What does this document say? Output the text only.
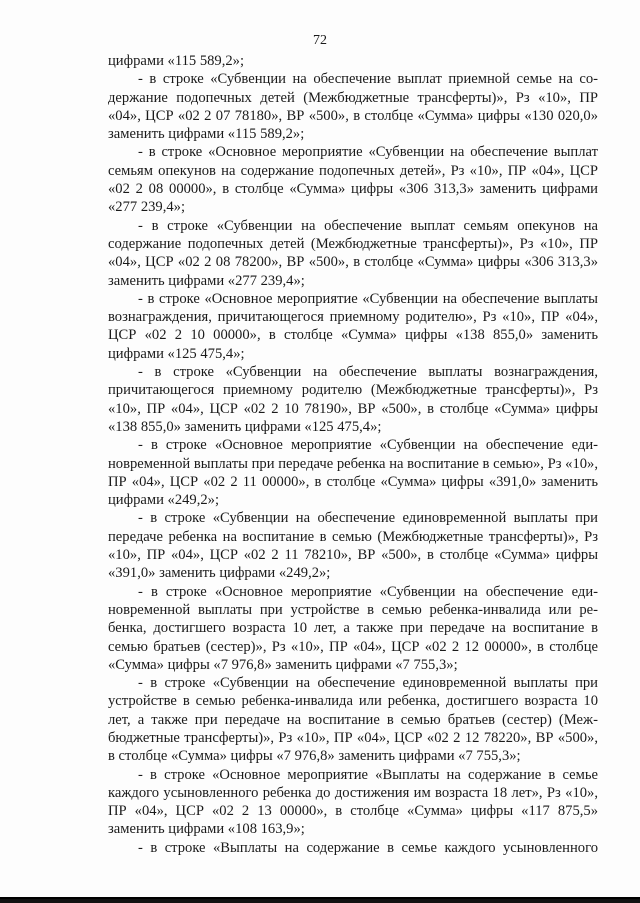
72

цифрами «115 589,2»;

- в строке «Субвенции на обеспечение выплат приемной семье на содержание подопечных детей (Межбюджетные трансферты)», Рз «10», ПР «04», ЦСР «02 2 07 78180», ВР «500», в столбце «Сумма» цифры «130 020,0» заменить цифрами «115 589,2»;

- в строке «Основное мероприятие «Субвенции на обеспечение выплат семьям опекунов на содержание подопечных детей», Рз «10», ПР «04», ЦСР «02 2 08 00000», в столбце «Сумма» цифры «306 313,3» заменить цифрами «277 239,4»;

- в строке «Субвенции на обеспечение выплат семьям опекунов на содержание подопечных детей (Межбюджетные трансферты)», Рз «10», ПР «04», ЦСР «02 2 08 78200», ВР «500», в столбце «Сумма» цифры «306 313,3» заменить цифрами «277 239,4»;

- в строке «Основное мероприятие «Субвенции на обеспечение выплаты вознаграждения, причитающегося приемному родителю», Рз «10», ПР «04», ЦСР «02 2 10 00000», в столбце «Сумма» цифры «138 855,0» заменить цифрами «125 475,4»;

- в строке «Субвенции на обеспечение выплаты вознаграждения, причитающегося приемному родителю (Межбюджетные трансферты)», Рз «10», ПР «04», ЦСР «02 2 10 78190», ВР «500», в столбце «Сумма» цифры «138 855,0» заменить цифрами «125 475,4»;

- в строке «Основное мероприятие «Субвенции на обеспечение единовременной выплаты при передаче ребенка на воспитание в семью», Рз «10», ПР «04», ЦСР «02 2 11 00000», в столбце «Сумма» цифры «391,0» заменить цифрами «249,2»;

- в строке «Субвенции на обеспечение единовременной выплаты при передаче ребенка на воспитание в семью (Межбюджетные трансферты)», Рз «10», ПР «04», ЦСР «02 2 11 78210», ВР «500», в столбце «Сумма» цифры «391,0» заменить цифрами «249,2»;

- в строке «Основное мероприятие «Субвенции на обеспечение единовременной выплаты при устройстве в семью ребенка-инвалида или ребенка, достигшего возраста 10 лет, а также при передаче на воспитание в семью братьев (сестер)», Рз «10», ПР «04», ЦСР «02 2 12 00000», в столбце «Сумма» цифры «7 976,8» заменить цифрами «7 755,3»;

- в строке «Субвенции на обеспечение единовременной выплаты при устройстве в семью ребенка-инвалида или ребенка, достигшего возраста 10 лет, а также при передаче на воспитание в семью братьев (сестер) (Межбюджетные трансферты)», Рз «10», ПР «04», ЦСР «02 2 12 78220», ВР «500», в столбце «Сумма» цифры «7 976,8» заменить цифрами «7 755,3»;

- в строке «Основное мероприятие «Выплаты на содержание в семье каждого усыновленного ребенка до достижения им возраста 18 лет», Рз «10», ПР «04», ЦСР «02 2 13 00000», в столбце «Сумма» цифры «117 875,5» заменить цифрами «108 163,9»;

- в строке «Выплаты на содержание в семье каждого усыновленного
